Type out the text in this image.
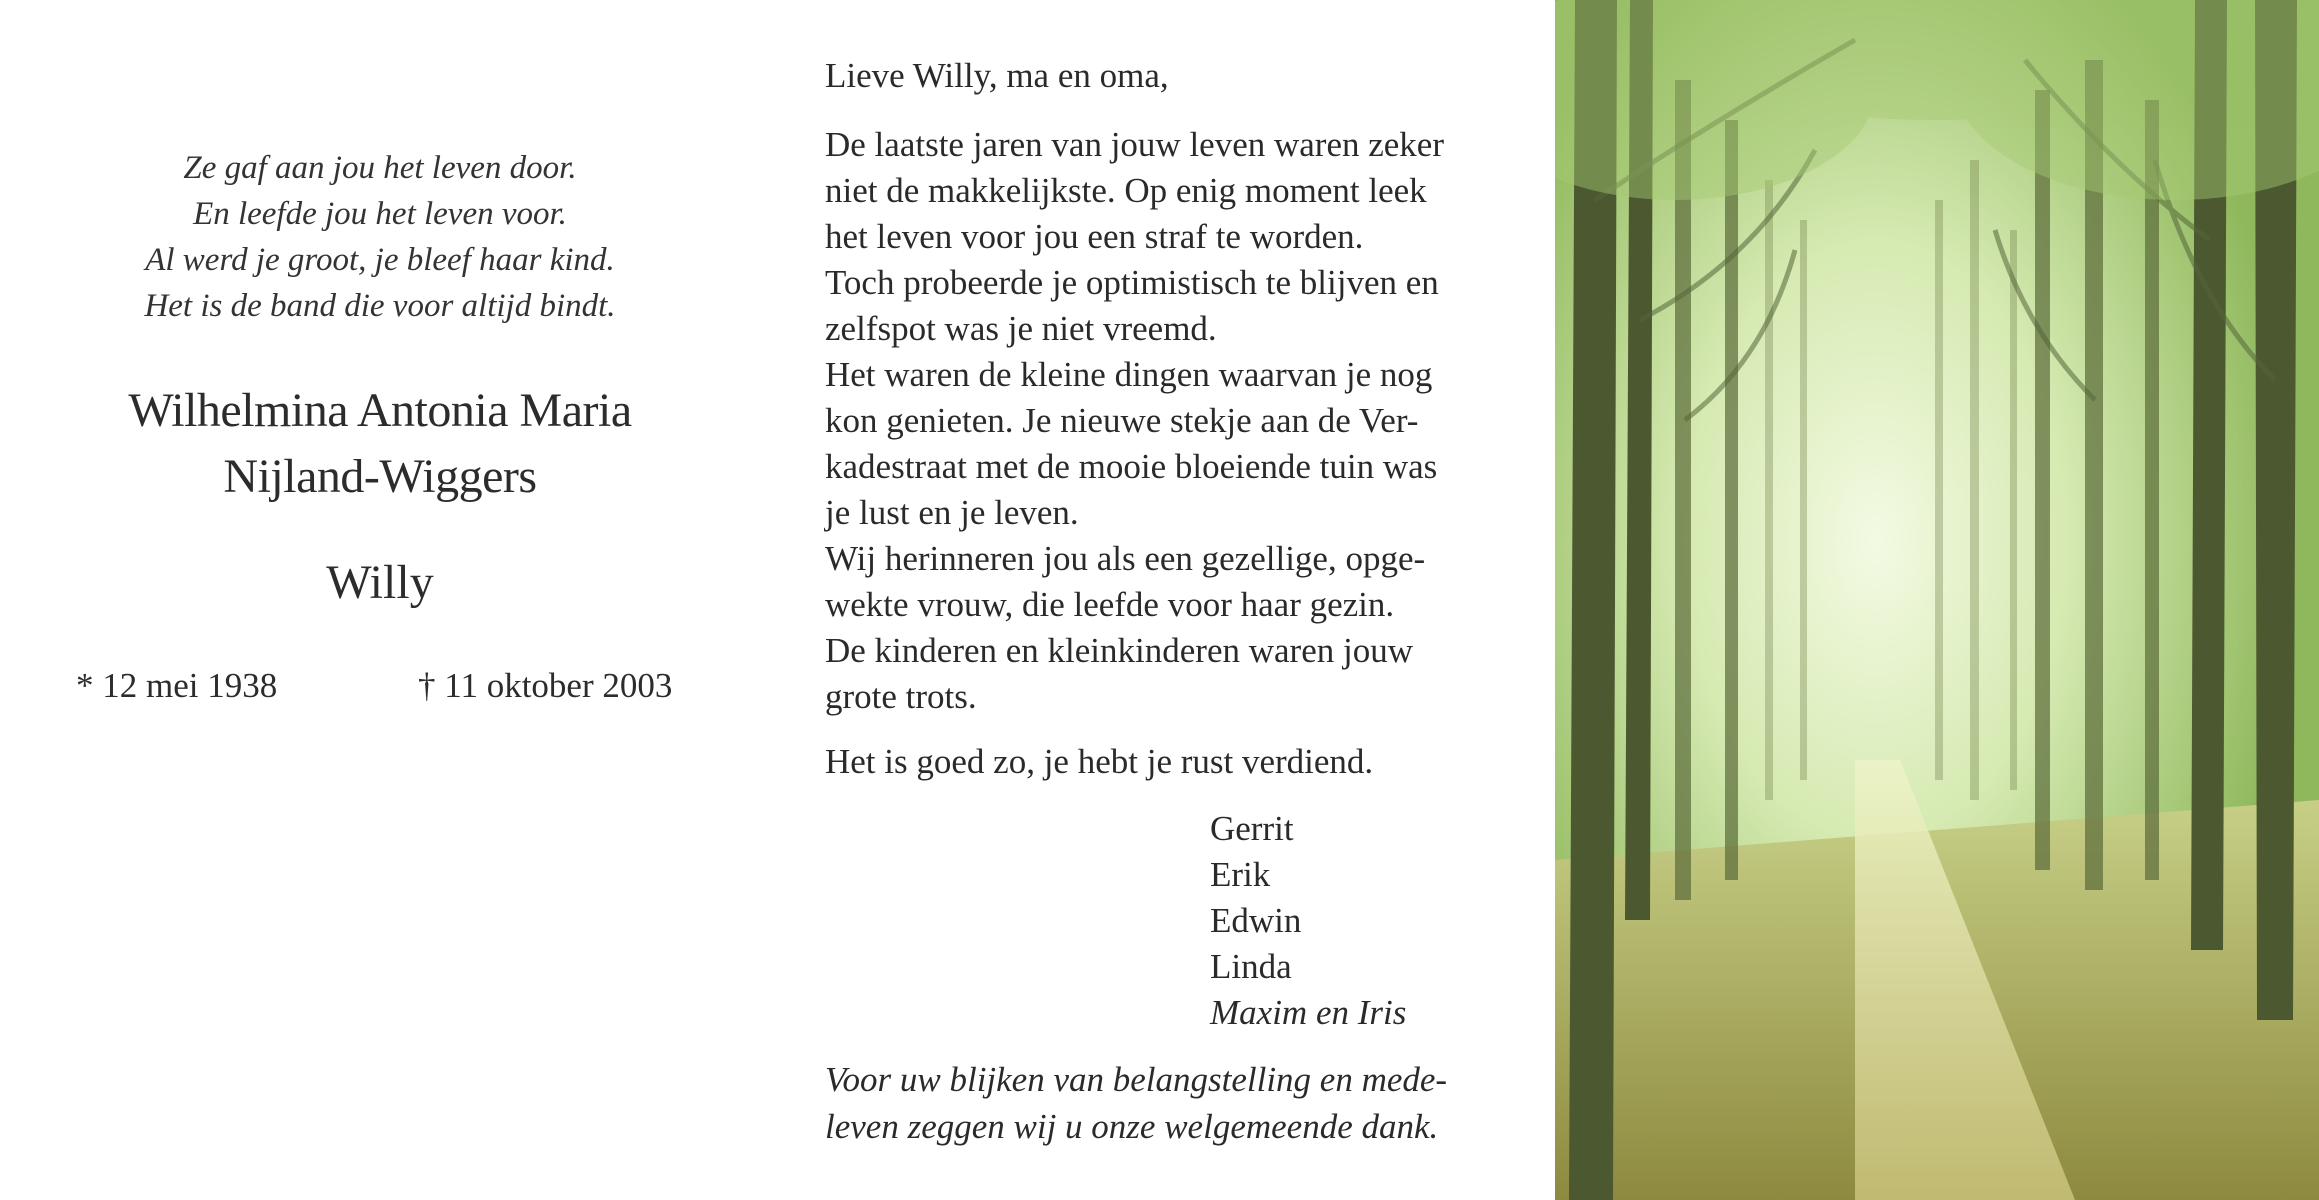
Ze gaf aan jou het leven door.
En leefde jou het leven voor.
Al werd je groot, je bleef haar kind.
Het is de band die voor altijd bindt.
Wilhelmina Antonia Maria
Nijland-Wiggers
Willy
* 12 mei 1938	† 11 oktober 2003
Lieve Willy, ma en oma,
De laatste jaren van jouw leven waren zeker
niet de makkelijkste. Op enig moment leek
het leven voor jou een straf te worden.
Toch probeerde je optimistisch te blijven en
zelfspot was je niet vreemd.
Het waren de kleine dingen waarvan je nog
kon genieten. Je nieuwe stekje aan de Ver-
kadestraat met de mooie bloeiende tuin was
je lust en je leven.
Wij herinneren jou als een gezellige, opge-
wekte vrouw, die leefde voor haar gezin.
De kinderen en kleinkinderen waren jouw
grote trots.
Het is goed zo, je hebt je rust verdiend.
Gerrit
Erik
Edwin
Linda
Maxim en Iris
Voor uw blijken van belangstelling en mede-
leven zeggen wij u onze welgemeende dank.
